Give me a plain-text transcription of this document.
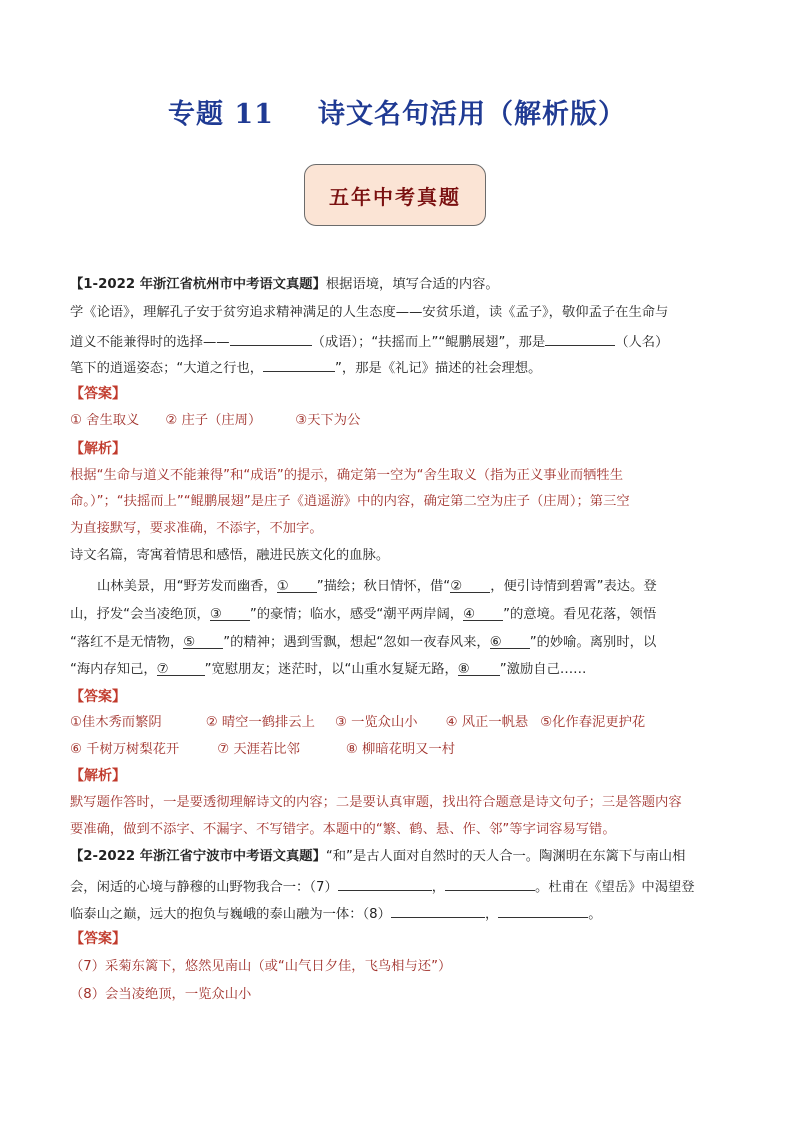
专题 11 诗文名句活用（解析版）
五年中考真题
【1-2022 年浙江省杭州市中考语文真题】根据语境，填写合适的内容。
学《论语》，理解孔子安于贫穷追求精神满足的人生态度——安贫乐道，读《孟子》，敬仰孟子在生命与
道义不能兼得时的选择——	（成语）；“扶摇而上”“鲲鹏展翅”，那是	（人名）
笔下的逍遥姿态；“大道之行也，	”，那是《礼记》描述的社会理想。
【答案】
① 舍生取义 ② 庄子（庄周）	③天下为公
【解析】
根据“生命与道义不能兼得”和“成语”的提示，确定第一空为“舍生取义（指为正义事业而牺牲生
命。）”；“扶摇而上”“鲲鹏展翅”是庄子《逍遥游》中的内容，确定第二空为庄子（庄周）；第三空
为直接默写，要求准确，不添字，不加字。
诗文名篇，寄寓着情思和感悟，融进民族文化的血脉。
山林美景，用“野芳发而幽香，① ”描绘；秋日情怀，借“② ，便引诗情到碧霄”表达。登
山，抒发“会当凌绝顶，③ ”的豪情；临水，感受“潮平两岸阔，④ ”的意境。看见花落，领悟
“落红不是无情物，⑤ ”的精神；遇到雪飘，想起“忽如一夜春风来，⑥ ”的妙喻。离别时，以
“海内存知己，⑦	”宽慰朋友；迷茫时，以“山重水复疑无路，⑧ ”激励自己……
【答案】
①佳木秀而繁阴	② 晴空一鹤排云上 ③ 一览众山小 ④ 风正一帆悬 ⑤化作春泥更护花
⑥ 千树万树梨花开	⑦ 天涯若比邻	⑧ 柳暗花明又一村
【解析】
默写题作答时，一是要透彻理解诗文的内容；二是要认真审题，找出符合题意是诗文句子；三是答题内容
要准确，做到不添字、不漏字、不写错字。本题中的“繁、鹤、悬、作、邻”等字词容易写错。
【2-2022 年浙江省宁波市中考语文真题】“和”是古人面对自然时的天人合一。陶渊明在东篱下与南山相
会，闲适的心境与静穆的山野物我合一：（7）	，	。杜甫在《望岳》中渴望登
临泰山之巅，远大的抱负与巍峨的泰山融为一体：（8）	，	。
【答案】
（7）采菊东篱下，悠然见南山（或“山气日夕佳，飞鸟相与还”）
（8）会当凌绝顶，一览众山小
